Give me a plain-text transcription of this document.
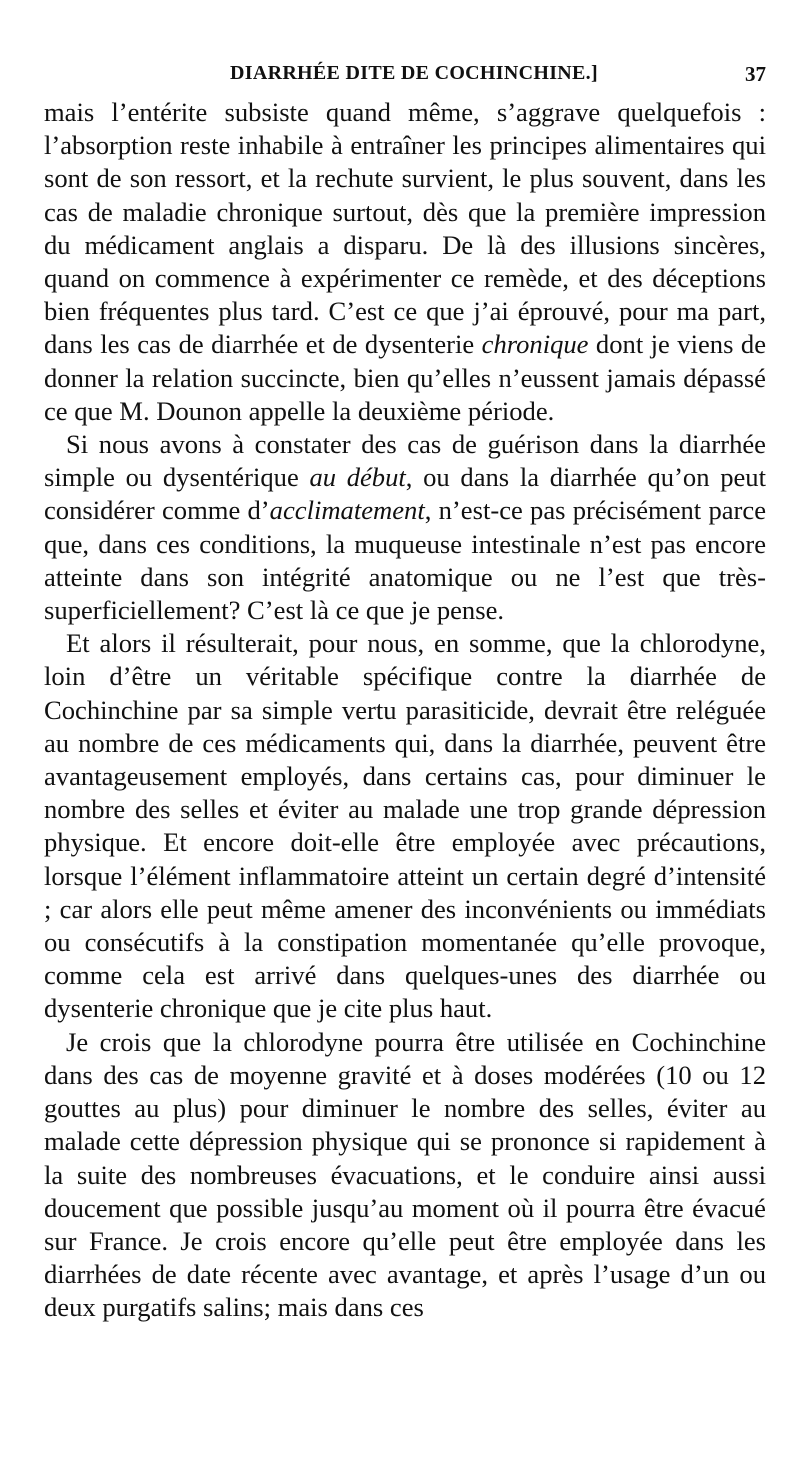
DIARRHÉE DITE DE COCHINCHINE.]	37

mais l’entérite subsiste quand même, s’aggrave quelquefois : l’absorption reste inhabile à entraîner les principes alimentaires qui sont de son ressort, et la rechute survient, le plus souvent, dans les cas de maladie chronique surtout, dès que la première impression du médicament anglais a disparu. De là des illusions sincères, quand on commence à expérimenter ce remède, et des déceptions bien fréquentes plus tard. C’est ce que j’ai éprouvé, pour ma part, dans les cas de diarrhée et de dysenterie chronique dont je viens de donner la relation succincte, bien qu’elles n’eussent jamais dépassé ce que M. Dounon appelle la deuxième période.

Si nous avons à constater des cas de guérison dans la diarrhée simple ou dysentérique au début, ou dans la diarrhée qu’on peut considérer comme d’acclimatement, n’est-ce pas précisément parce que, dans ces conditions, la muqueuse intestinale n’est pas encore atteinte dans son intégrité anatomique ou ne l’est que très-superficiellement? C’est là ce que je pense.

Et alors il résulterait, pour nous, en somme, que la chlorodyne, loin d’être un véritable spécifique contre la diarrhée de Cochinchine par sa simple vertu parasiticide, devrait être reléguée au nombre de ces médicaments qui, dans la diarrhée, peuvent être avantageusement employés, dans certains cas, pour diminuer le nombre des selles et éviter au malade une trop grande dépression physique. Et encore doit-elle être employée avec précautions, lorsque l’élément inflammatoire atteint un certain degré d’intensité ; car alors elle peut même amener des inconvénients ou immédiats ou consécutifs à la constipation momentanée qu’elle provoque, comme cela est arrivé dans quelques-unes des diarrhée ou dysenterie chronique que je cite plus haut.

Je crois que la chlorodyne pourra être utilisée en Cochinchine dans des cas de moyenne gravité et à doses modérées (10 ou 12 gouttes au plus) pour diminuer le nombre des selles, éviter au malade cette dépression physique qui se prononce si rapidement à la suite des nombreuses évacuations, et le conduire ainsi aussi doucement que possible jusqu’au moment où il pourra être évacué sur France. Je crois encore qu’elle peut être employée dans les diarrhées de date récente avec avantage, et après l’usage d’un ou deux purgatifs salins; mais dans ces
